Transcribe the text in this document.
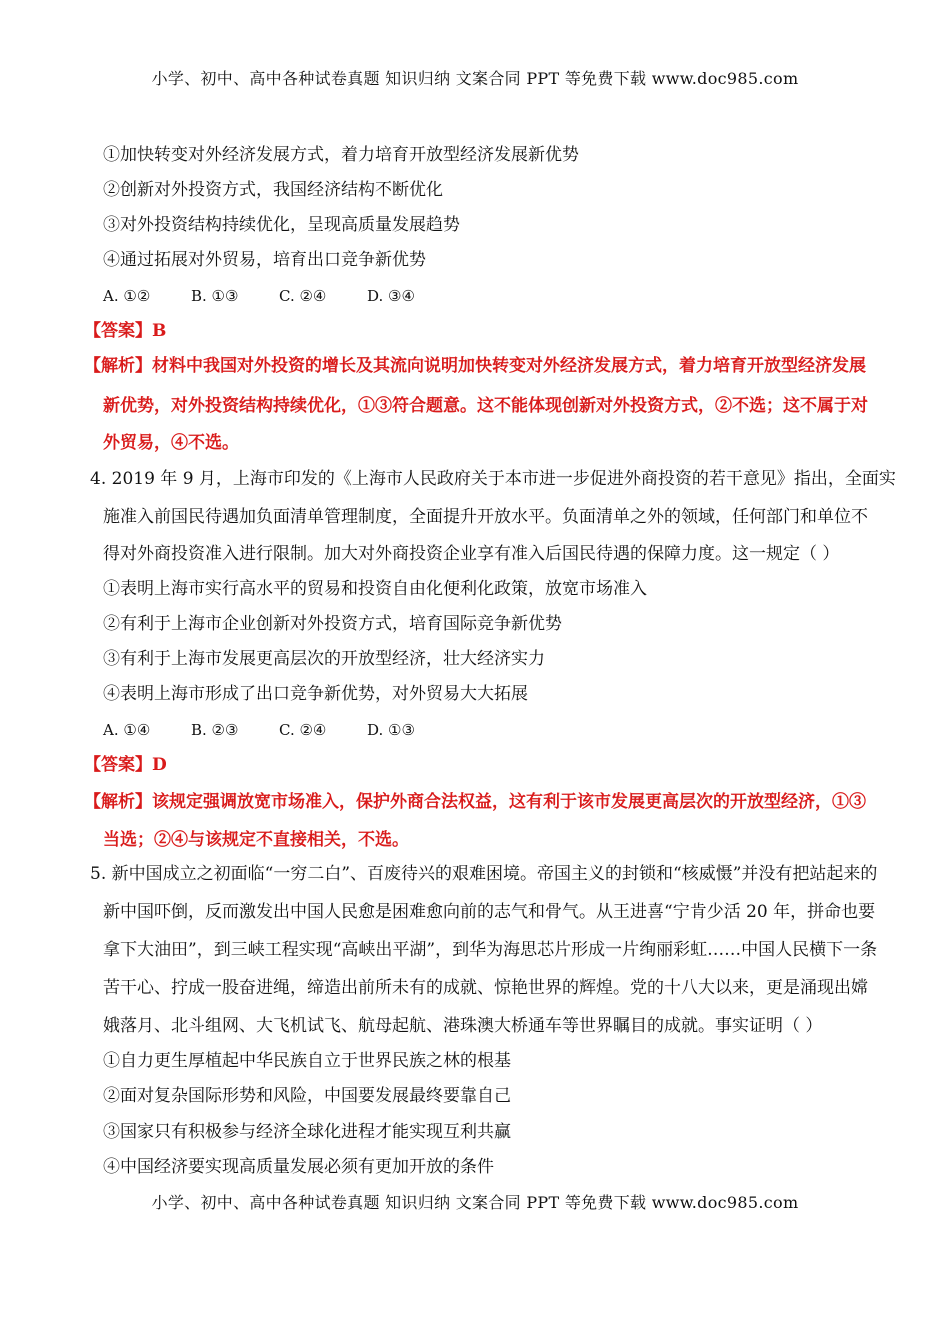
小学、初中、高中各种试卷真题 知识归纳 文案合同 PPT 等免费下载 www.doc985.com
①加快转变对外经济发展方式，着力培育开放型经济发展新优势
②创新对外投资方式，我国经济结构不断优化
③对外投资结构持续优化，呈现高质量发展趋势
④通过拓展对外贸易，培育出口竞争新优势
A. ①②	B. ①③	C. ②④	D. ③④
【答案】B
【解析】材料中我国对外投资的增长及其流向说明加快转变对外经济发展方式，着力培育开放型经济发展
新优势，对外投资结构持续优化，①③符合题意。这不能体现创新对外投资方式，②不选；这不属于对
外贸易，④不选。
4. 2019 年 9 月，上海市印发的《上海市人民政府关于本市进一步促进外商投资的若干意见》指出，全面实
施准入前国民待遇加负面清单管理制度，全面提升开放水平。负面清单之外的领域，任何部门和单位不
得对外商投资准入进行限制。加大对外商投资企业享有准入后国民待遇的保障力度。这一规定（ ）
①表明上海市实行高水平的贸易和投资自由化便利化政策，放宽市场准入
②有利于上海市企业创新对外投资方式，培育国际竞争新优势
③有利于上海市发展更高层次的开放型经济，壮大经济实力
④表明上海市形成了出口竞争新优势，对外贸易大大拓展
A. ①④	B. ②③	C. ②④	D. ①③
【答案】D
【解析】该规定强调放宽市场准入，保护外商合法权益，这有利于该市发展更高层次的开放型经济，①③
当选；②④与该规定不直接相关，不选。
5. 新中国成立之初面临“一穷二白”、百废待兴的艰难困境。帝国主义的封锁和“核威慑”并没有把站起来的
新中国吓倒，反而激发出中国人民愈是困难愈向前的志气和骨气。从王进喜“宁肯少活 20 年，拼命也要
拿下大油田”，到三峡工程实现“高峡出平湖”，到华为海思芯片形成一片绚丽彩虹……中国人民横下一条
苦干心、拧成一股奋进绳，缔造出前所未有的成就、惊艳世界的辉煌。党的十八大以来，更是涌现出嫦
娥落月、北斗组网、大飞机试飞、航母起航、港珠澳大桥通车等世界瞩目的成就。事实证明（ ）
①自力更生厚植起中华民族自立于世界民族之林的根基
②面对复杂国际形势和风险，中国要发展最终要靠自己
③国家只有积极参与经济全球化进程才能实现互利共赢
④中国经济要实现高质量发展必须有更加开放的条件
小学、初中、高中各种试卷真题 知识归纳 文案合同 PPT 等免费下载 www.doc985.com
